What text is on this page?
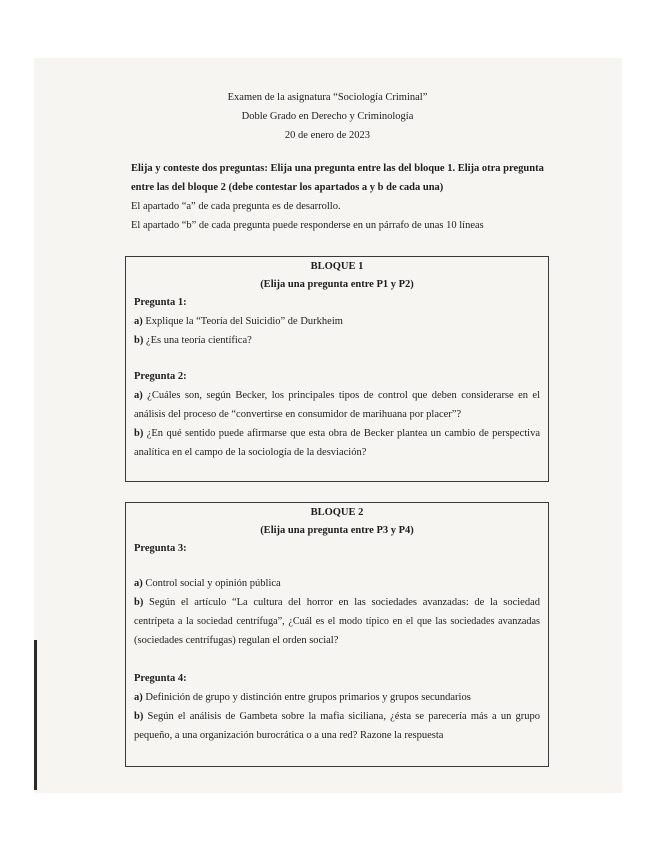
Examen de la asignatura “Sociología Criminal”
Doble Grado en Derecho y Criminología
20 de enero de 2023
Elija y conteste dos preguntas: Elija una pregunta entre las del bloque 1. Elija otra pregunta
entre las del bloque 2 (debe contestar los apartados a y b de cada una)
El apartado “a” de cada pregunta es de desarrollo.
El apartado “b” de cada pregunta puede responderse en un párrafo de unas 10 líneas
BLOQUE 1
(Elija una pregunta entre P1 y P2)
Pregunta 1:
a) Explique la “Teoría del Suicidio” de Durkheim
b) ¿Es una teoría científica?
Pregunta 2:
a) ¿Cuáles son, según Becker, los principales tipos de control que deben considerarse en el
análisis del proceso de “convertirse en consumidor de marihuana por placer”?
b) ¿En qué sentido puede afirmarse que esta obra de Becker plantea un cambio de perspectiva
analítica en el campo de la sociología de la desviación?
BLOQUE 2
(Elija una pregunta entre P3 y P4)
Pregunta 3:
a) Control social y opinión pública
b) Según el artículo “La cultura del horror en las sociedades avanzadas: de la sociedad
centrípeta a la sociedad centrífuga”, ¿Cuál es el modo típico en el que las sociedades avanzadas
(sociedades centrífugas) regulan el orden social?
Pregunta 4:
a) Definición de grupo y distinción entre grupos primarios y grupos secundarios
b) Según el análisis de Gambeta sobre la mafia siciliana, ¿ésta se parecería más a un grupo
pequeño, a una organización burocrática o a una red? Razone la respuesta
